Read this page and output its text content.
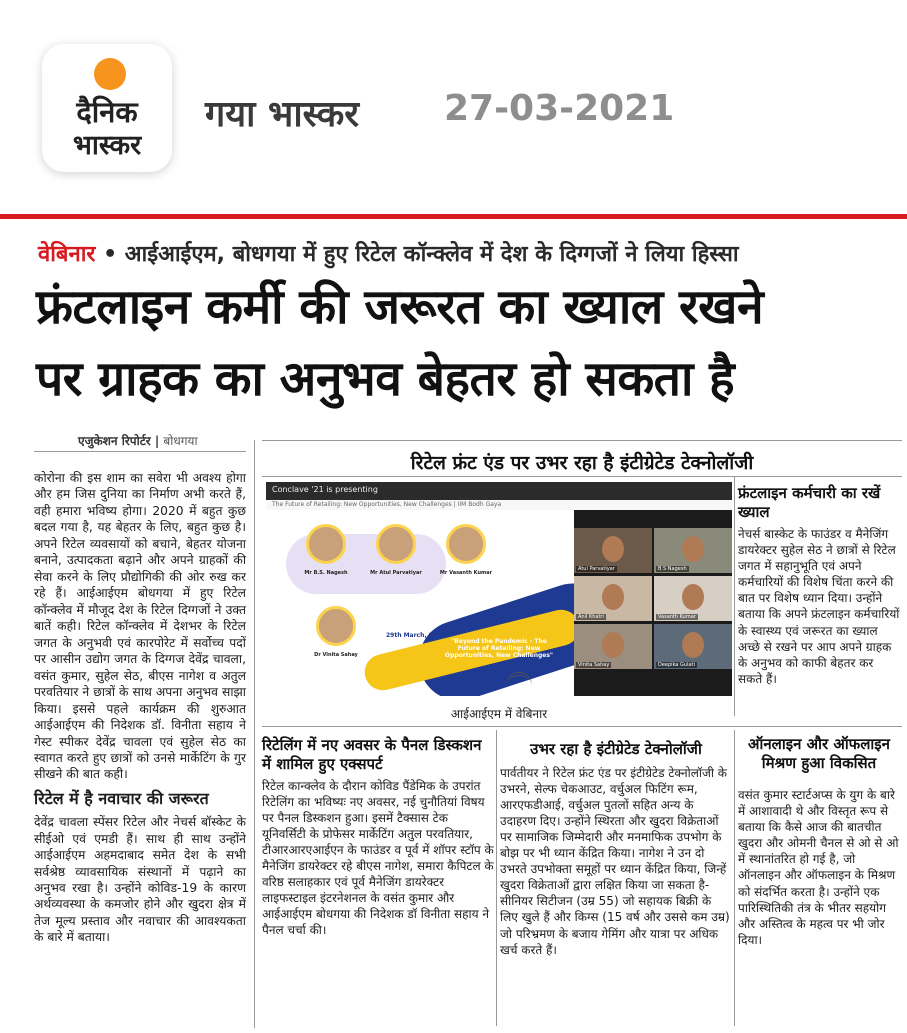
दैनिक
भास्कर
गया भास्कर 27-03-2021
वेबिनार • आईआईएम, बोधगया में हुए रिटेल कॉन्क्लेव में देश के दिग्गजों ने लिया हिस्सा
फ्रंटलाइन कर्मी की जरूरत का ख्याल रखने
पर ग्राहक का अनुभव बेहतर हो सकता है
एजुकेशन रिपोर्टर | बोधगया

कोरोना की इस शाम का सवेरा भी अवश्य होगा और हम जिस दुनिया का निर्माण अभी करते हैं, वही हमारा भविष्य होगा। 2020 में बहुत कुछ बदल गया है, यह बेहतर के लिए, बहुत कुछ है। अपने रिटेल व्यवसायों को बचाने, बेहतर योजना बनाने, उत्पादकता बढ़ाने और अपने ग्राहकों की सेवा करने के लिए प्रौद्योगिकी की ओर रुख कर रहे हैं। आईआईएम बोधगया में हुए रिटेल कॉन्क्लेव में मौजूद देश के रिटेल दिग्गजों ने उक्त बातें कही। रिटेल कॉन्क्लेव में देशभर के रिटेल जगत के अनुभवी एवं कारपोरेट में सर्वोच्च पदों पर आसीन उद्योग जगत के दिग्गज देवेंद्र चावला, वसंत कुमार, सुहेल सेठ, बीएस नागेश व अतुल परवतियार ने छात्रों के साथ अपना अनुभव साझा किया। इससे पहले कार्यक्रम की शुरुआत आईआईएम की निदेशक डॉ. विनीता सहाय ने गेस्ट स्पीकर देवेंद्र चावला एवं सुहेल सेठ का स्वागत करते हुए छात्रों को उनसे मार्केटिंग के गुर सीखने की बात कही।

रिटेल में है नवाचार की जरूरत

देवेंद्र चावला स्पेंसर रिटेल और नेचर्स बॉस्केट के सीईओ एवं एमडी हैं। साथ ही साथ उन्होंने आईआईएम अहमदाबाद समेत देश के सभी सर्वश्रेष्ठ व्यावसायिक संस्थानों में पढ़ाने का अनुभव रखा है। उन्होंने कोविड-19 के कारण अर्थव्यवस्था के कमजोर होने और खुदरा क्षेत्र में तेज मूल्य प्रस्ताव और नवाचार की आवश्यकता के बारे में बताया।

रिटेल फ्रंट एंड पर उभर रहा है इंटीग्रेटेड टेक्नोलॉजी
Conclave '21 is presenting
The Future of Retailing: New Opportunities, New Challenges | IIM Bodh Gaya
Mr B.S. Nagesh	Mr Atul Parvatiyar	Mr Vasanth Kumar
Dr Vinita Sahay
29th March, 2021
"Beyond the Pandemic - The Future of Retailing: New Opportunities, New Challenges"
Atul Parvatiyar	B S Nagesh
Anil Khatri	Vasanth Kumar
Vinita Sahay	Deepika Gulati
आईआईएम में वेबिनार
फ्रंटलाइन कर्मचारी का रखें ख्याल

नेचर्स बास्केट के फाउंडर व मैनेजिंग डायरेक्टर सुहेल सेठ ने छात्रों से रिटेल जगत में सहानुभूति एवं अपने कर्मचारियों की विशेष चिंता करने की बात पर विशेष ध्यान दिया। उन्होंने बताया कि अपने फ्रंटलाइन कर्मचारियों के स्वास्थ्य एवं जरूरत का ख्याल अच्छे से रखने पर आप अपने ग्राहक के अनुभव को काफी बेहतर कर सकते हैं।

रिटेलिंग में नए अवसर के पैनल डिस्कशन में शामिल हुए एक्सपर्ट

रिटेल कान्क्लेव के दौरान कोविड पैंडेमिक के उपरांत रिटेलिंग का भविष्यः नए अवसर, नई चुनौतियां विषय पर पैनल डिस्कशन हुआ। इसमें टैक्सास टेक यूनिवर्सिटी के प्रोफेसर मार्केटिंग अतुल परवतियार, टीआरआरएआईएन के फाउंडर व पूर्व में शॉपर स्टॉप के मैनेजिंग डायरेक्टर रहे बीएस नागेश, समारा कैपिटल के वरिष्ठ सलाहकार एवं पूर्व मैनेजिंग डायरेक्टर लाइफस्टाइल इंटरनेशनल के वसंत कुमार और आईआईएम बोधगया की निदेशक डॉ विनीता सहाय ने पैनल चर्चा की।

उभर रहा है इंटीग्रेटेड टेक्नोलॉजी

पार्वतीयर ने रिटेल फ्रंट एंड पर इंटीग्रेटेड टेक्नोलॉजी के उभरने, सेल्फ चेकआउट, वर्चुअल फिटिंग रूम, आरएफडीआई, वर्चुअल पुतलों सहित अन्य के उदाहरण दिए। उन्होंने स्थिरता और खुदरा विक्रेताओं पर सामाजिक जिम्मेदारी और मनमाफिक उपभोग के बोझ पर भी ध्यान केंद्रित किया। नागेश ने उन दो उभरते उपभोक्ता समूहों पर ध्यान केंद्रित किया, जिन्हें खुदरा विक्रेताओं द्वारा लक्षित किया जा सकता है- सीनियर सिटीजन (उम्र 55) जो सहायक बिक्री के लिए खुले हैं और किग्स (15 वर्ष और उससे कम उम्र) जो परिभ्रमण के बजाय गेमिंग और यात्रा पर अधिक खर्च करते हैं।

ऑनलाइन और ऑफलाइन मिश्रण हुआ विकसित

वसंत कुमार स्टार्टअप्स के युग के बारे में आशावादी थे और विस्तृत रूप से बताया कि कैसे आज की बातचीत खुदरा और ओमनी चैनल से ओ से ओ में स्थानांतरित हो गई है, जो ऑनलाइन और ऑफलाइन के मिश्रण को संदर्भित करता है। उन्होंने एक पारिस्थितिकी तंत्र के भीतर सहयोग और अस्तित्व के महत्व पर भी जोर दिया।
